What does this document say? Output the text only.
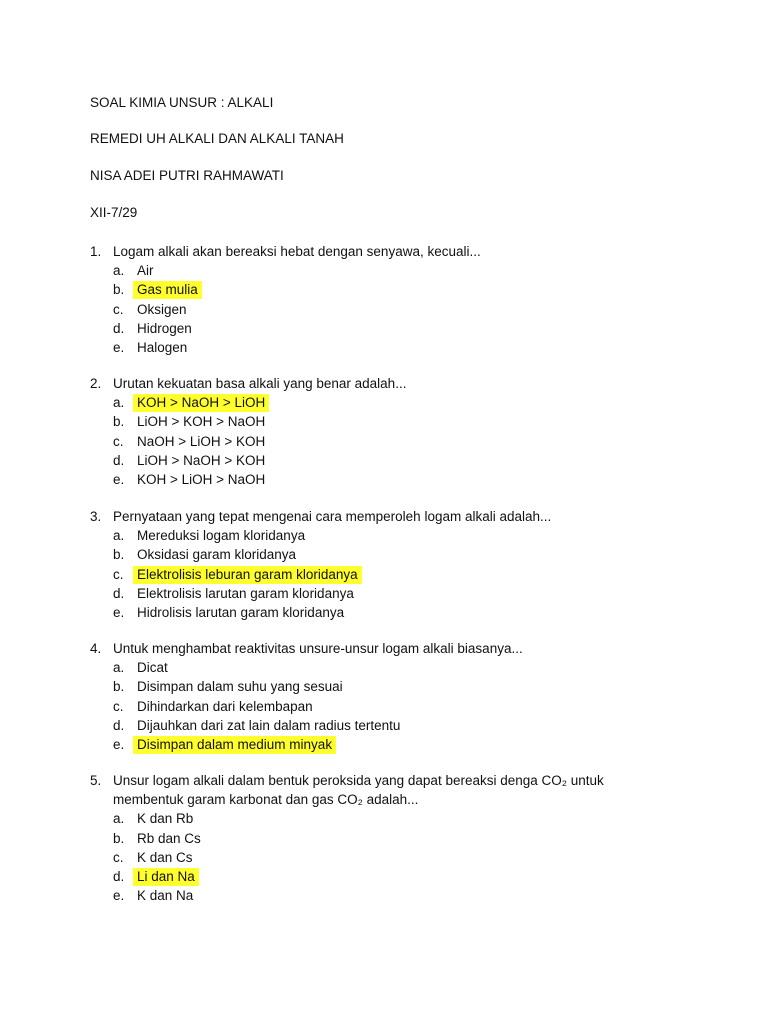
SOAL KIMIA UNSUR : ALKALI
REMEDI UH ALKALI DAN ALKALI TANAH
NISA ADEI PUTRI RAHMAWATI
XII-7/29
1. Logam alkali akan bereaksi hebat dengan senyawa, kecuali...
a. Air
b. Gas mulia
c. Oksigen
d. Hidrogen
e. Halogen
2. Urutan kekuatan basa alkali yang benar adalah...
a. KOH > NaOH > LiOH
b. LiOH > KOH > NaOH
c. NaOH > LiOH > KOH
d. LiOH > NaOH > KOH
e. KOH > LiOH > NaOH
3. Pernyataan yang tepat mengenai cara memperoleh logam alkali adalah...
a. Mereduksi logam kloridanya
b. Oksidasi garam kloridanya
c. Elektrolisis leburan garam kloridanya
d. Elektrolisis larutan garam kloridanya
e. Hidrolisis larutan garam kloridanya
4. Untuk menghambat reaktivitas unsure-unsur logam alkali biasanya...
a. Dicat
b. Disimpan dalam suhu yang sesuai
c. Dihindarkan dari kelembapan
d. Dijauhkan dari zat lain dalam radius tertentu
e. Disimpan dalam medium minyak
5. Unsur logam alkali dalam bentuk peroksida yang dapat bereaksi denga CO₂ untuk
membentuk garam karbonat dan gas CO₂ adalah...
a. K dan Rb
b. Rb dan Cs
c. K dan Cs
d. Li dan Na
e. K dan Na
